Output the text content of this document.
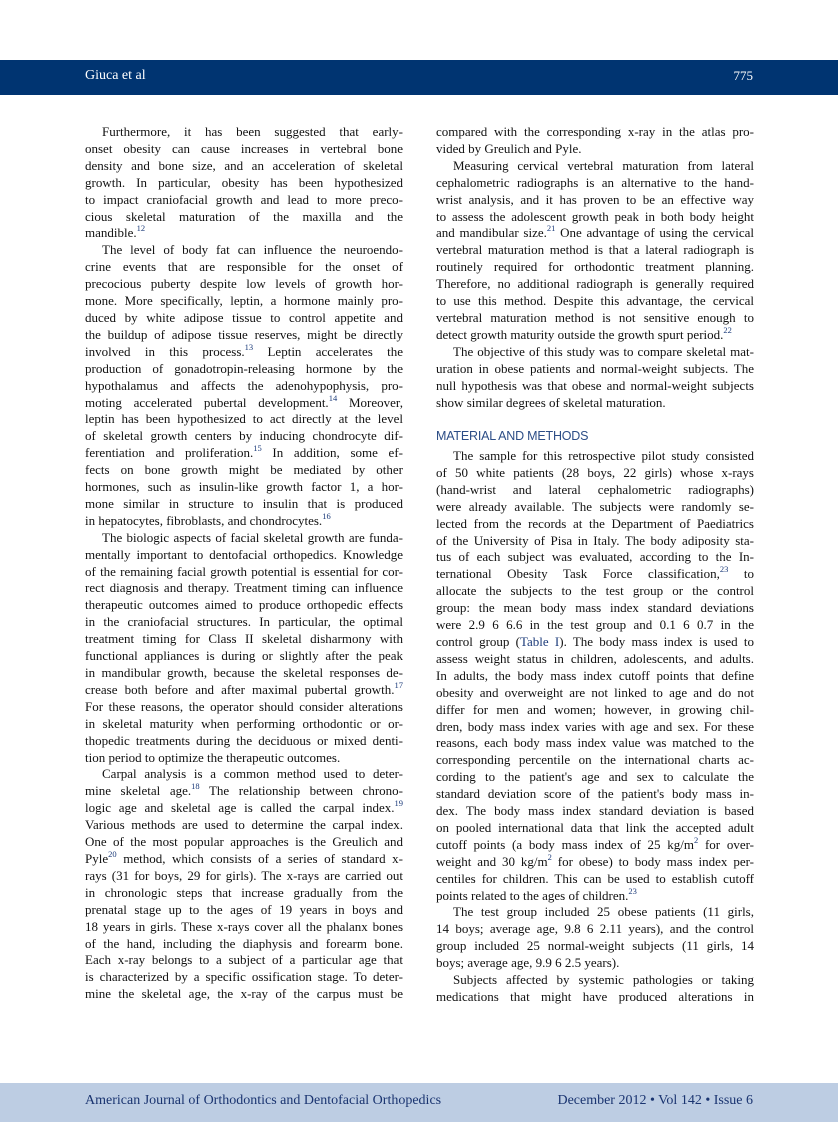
Giuca et al	775
Furthermore, it has been suggested that early-
onset obesity can cause increases in vertebral bone
density and bone size, and an acceleration of skeletal
growth. In particular, obesity has been hypothesized
to impact craniofacial growth and lead to more preco-
cious skeletal maturation of the maxilla and the
mandible.$^{12}$
The level of body fat can influence the neuroendo-
crine events that are responsible for the onset of
precocious puberty despite low levels of growth hor-
mone. More specifically, leptin, a hormone mainly pro-
duced by white adipose tissue to control appetite and
the buildup of adipose tissue reserves, might be directly
involved in this process.$^{13}$ Leptin accelerates the
production of gonadotropin-releasing hormone by the
hypothalamus and affects the adenohypophysis, pro-
moting accelerated pubertal development.$^{14}$ Moreover,
leptin has been hypothesized to act directly at the level
of skeletal growth centers by inducing chondrocyte dif-
ferentiation and proliferation.$^{15}$ In addition, some ef-
fects on bone growth might be mediated by other
hormones, such as insulin-like growth factor 1, a hor-
mone similar in structure to insulin that is produced
in hepatocytes, fibroblasts, and chondrocytes.$^{16}$
The biologic aspects of facial skeletal growth are funda-
mentally important to dentofacial orthopedics. Knowledge
of the remaining facial growth potential is essential for cor-
rect diagnosis and therapy. Treatment timing can influence
therapeutic outcomes aimed to produce orthopedic effects
in the craniofacial structures. In particular, the optimal
treatment timing for Class II skeletal disharmony with
functional appliances is during or slightly after the peak
in mandibular growth, because the skeletal responses de-
crease both before and after maximal pubertal growth.$^{17}$
For these reasons, the operator should consider alterations
in skeletal maturity when performing orthodontic or or-
thopedic treatments during the deciduous or mixed denti-
tion period to optimize the therapeutic outcomes.
Carpal analysis is a common method used to deter-
mine skeletal age.$^{18}$ The relationship between chrono-
logic age and skeletal age is called the carpal index.$^{19}$
Various methods are used to determine the carpal index.
One of the most popular approaches is the Greulich and
Pyle$^{20}$ method, which consists of a series of standard x-
rays (31 for boys, 29 for girls). The x-rays are carried out
in chronologic steps that increase gradually from the
prenatal stage up to the ages of 19 years in boys and
18 years in girls. These x-rays cover all the phalanx bones
of the hand, including the diaphysis and forearm bone.
Each x-ray belongs to a subject of a particular age that
is characterized by a specific ossification stage. To deter-
mine the skeletal age, the x-ray of the carpus must be
compared with the corresponding x-ray in the atlas pro-
vided by Greulich and Pyle.
Measuring cervical vertebral maturation from lateral
cephalometric radiographs is an alternative to the hand-
wrist analysis, and it has proven to be an effective way
to assess the adolescent growth peak in both body height
and mandibular size.$^{21}$ One advantage of using the cervical
vertebral maturation method is that a lateral radiograph is
routinely required for orthodontic treatment planning.
Therefore, no additional radiograph is generally required
to use this method. Despite this advantage, the cervical
vertebral maturation method is not sensitive enough to
detect growth maturity outside the growth spurt period.$^{22}$
The objective of this study was to compare skeletal mat-
uration in obese patients and normal-weight subjects. The
null hypothesis was that obese and normal-weight subjects
show similar degrees of skeletal maturation.
MATERIAL AND METHODS
The sample for this retrospective pilot study consisted
of 50 white patients (28 boys, 22 girls) whose x-rays
(hand-wrist and lateral cephalometric radiographs)
were already available. The subjects were randomly se-
lected from the records at the Department of Paediatrics
of the University of Pisa in Italy. The body adiposity sta-
tus of each subject was evaluated, according to the In-
ternational Obesity Task Force classification,$^{23}$ to
allocate the subjects to the test group or the control
group: the mean body mass index standard deviations
were 2.9 6 6.6 in the test group and 0.1 6 0.7 in the
control group (Table I). The body mass index is used to
assess weight status in children, adolescents, and adults.
In adults, the body mass index cutoff points that define
obesity and overweight are not linked to age and do not
differ for men and women; however, in growing chil-
dren, body mass index varies with age and sex. For these
reasons, each body mass index value was matched to the
corresponding percentile on the international charts ac-
cording to the patient's age and sex to calculate the
standard deviation score of the patient's body mass in-
dex. The body mass index standard deviation is based
on pooled international data that link the accepted adult
cutoff points (a body mass index of 25 $kg/m^2$ for over-
weight and 30 $kg/m^2$ for obese) to body mass index per-
centiles for children. This can be used to establish cutoff
points related to the ages of children.$^{23}$
The test group included 25 obese patients (11 girls,
14 boys; average age, 9.8 6 2.11 years), and the control
group included 25 normal-weight subjects (11 girls, 14
boys; average age, 9.9 6 2.5 years).
Subjects affected by systemic pathologies or taking
medications that might have produced alterations in
American Journal of Orthodontics and Dentofacial Orthopedics	December 2012 • Vol 142 • Issue 6
